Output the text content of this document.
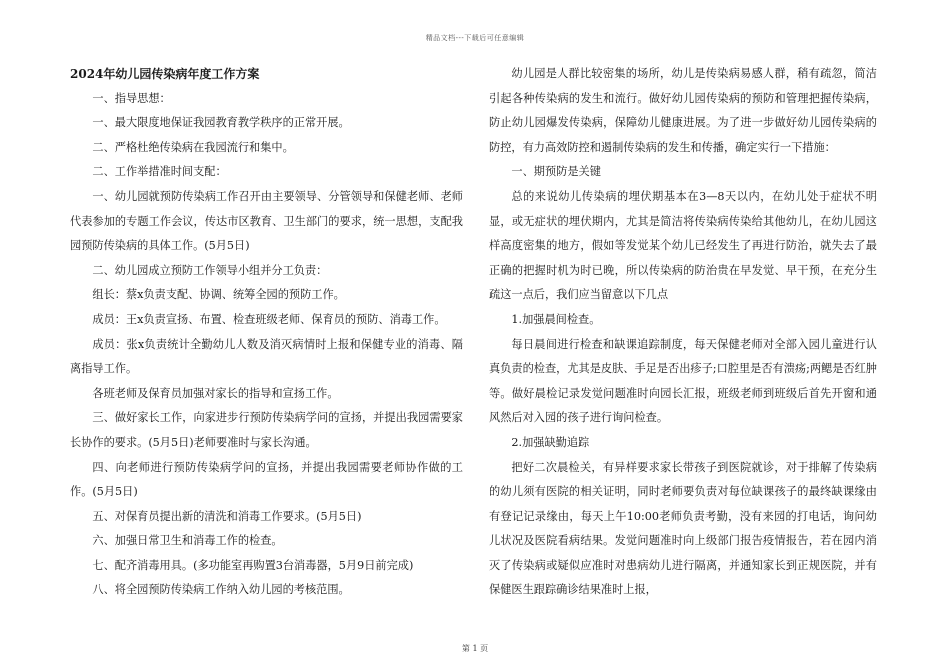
精品文档---下载后可任意编辑

2024年幼儿园传染病年度工作方案

一、指导思想：

一、最大限度地保证我园教育教学秩序的正常开展。

二、严格杜绝传染病在我园流行和集中。

二、工作举措准时间支配：

一、幼儿园就预防传染病工作召开由主要领导、分管领导和保健老师、老师代表参加的专题工作会议，传达市区教育、卫生部门的要求，统一思想，支配我园预防传染病的具体工作。(5月5日)

二、幼儿园成立预防工作领导小组并分工负责：

组长：蔡x负责支配、协调、统筹全园的预防工作。

成员：王x负责宣扬、布置、检查班级老师、保育员的预防、消毒工作。

成员：张x负责统计全勤幼儿人数及消灭病情时上报和保健专业的消毒、隔离指导工作。

各班老师及保育员加强对家长的指导和宣扬工作。

三、做好家长工作，向家进步行预防传染病学问的宣扬，并提出我园需要家长协作的要求。(5月5日)老师要准时与家长沟通。

四、向老师进行预防传染病学问的宣扬，并提出我园需要老师协作做的工作。(5月5日)

五、对保育员提出新的清洗和消毒工作要求。(5月5日)

六、加强日常卫生和消毒工作的检查。

七、配齐消毒用具。(多功能室再购置3台消毒器，5月9日前完成)

八、将全园预防传染病工作纳入幼儿园的考核范围。

幼儿园是人群比较密集的场所，幼儿是传染病易感人群，稍有疏忽，简洁引起各种传染病的发生和流行。做好幼儿园传染病的预防和管理把握传染病，防止幼儿园爆发传染病，保障幼儿健康进展。为了进一步做好幼儿园传染病的防控，有力高效防控和遏制传染病的发生和传播，确定实行一下措施：

一、期预防是关键

总的来说幼儿传染病的埋伏期基本在3—8天以内，在幼儿处于症状不明显，或无症状的埋伏期内，尤其是简洁将传染病传染给其他幼儿，在幼儿园这样高度密集的地方，假如等发觉某个幼儿已经发生了再进行防治，就失去了最正确的把握时机为时已晚，所以传染病的防治贵在早发觉、早干预，在充分生疏这一点后，我们应当留意以下几点

1.加强晨间检查。

每日晨间进行检查和缺课追踪制度，每天保健老师对全部入园儿童进行认真负责的检查，尤其是皮肤、手足是否出疹子;口腔里是否有溃疡;两鳃是否红肿等。做好晨检记录发觉问题准时向园长汇报，班级老师到班级后首先开窗和通风然后对入园的孩子进行询问检查。

2.加强缺勤追踪

把好二次晨检关，有异样要求家长带孩子到医院就诊，对于排解了传染病的幼儿须有医院的相关证明，同时老师要负责对每位缺课孩子的最终缺课缘由有登记记录缘由，每天上午10:00老师负责考勤，没有来园的打电话，询问幼儿状况及医院看病结果。发觉问题准时向上级部门报告疫情报告，若在园内消灭了传染病或疑似应准时对患病幼儿进行隔离，并通知家长到正规医院，并有保健医生跟踪确诊结果准时上报，

第 1 页
